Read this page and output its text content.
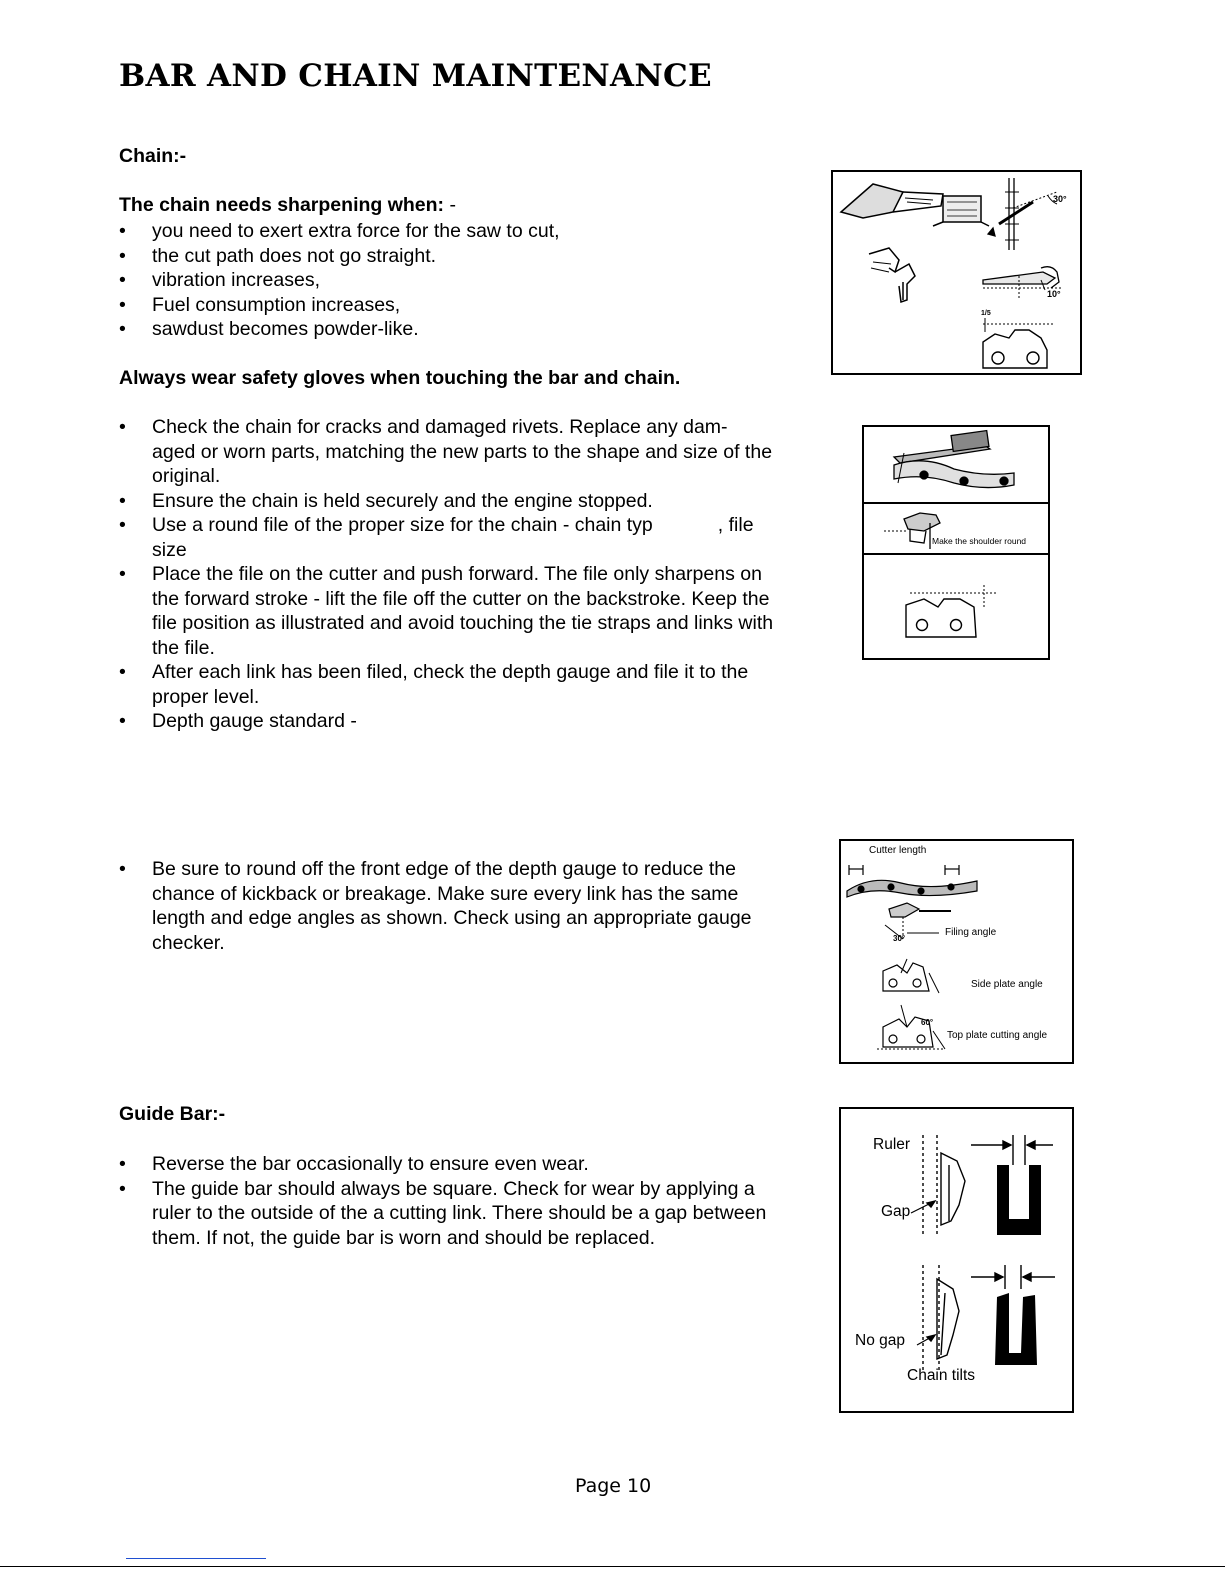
BAR AND CHAIN MAINTENANCE
Chain:-
The chain needs sharpening when: -
• you need to exert extra force for the saw to cut,
• the cut path does not go straight.
• vibration increases,
• Fuel consumption increases,
• sawdust becomes powder-like.
Always wear safety gloves when touching the bar and chain.
• Check the chain for cracks and damaged rivets. Replace any dam-
aged or worn parts, matching the new parts to the shape and size of the
original.
• Ensure the chain is held securely and the engine stopped.
• Use a round file of the proper size for the chain - chain typ            , file
size
• Place the file on the cutter and push forward. The file only sharpens on
the forward stroke - lift the file off the cutter on the backstroke. Keep the
file position as illustrated and avoid touching the tie straps and links with
the file.
• After each link has been filed, check the depth gauge and file it to the
proper level.
• Depth gauge standard -
• Be sure to round off the front edge of the depth gauge to reduce the
chance of kickback or breakage. Make sure every link has the same
length and edge angles as shown. Check using an appropriate gauge
checker.
Guide Bar:-
• Reverse the bar occasionally to ensure even wear.
• The guide bar should always be square. Check for wear by applying a
ruler to the outside of the a cutting link. There should be a gap between
them. If not, the guide bar is worn and should be replaced.
30°
10°
1/5
Make the shoulder round
Cutter length
30°
Filing angle
Side plate angle
60°
Top plate cutting angle
Ruler
Gap
No gap
Chain tilts
Page 10
